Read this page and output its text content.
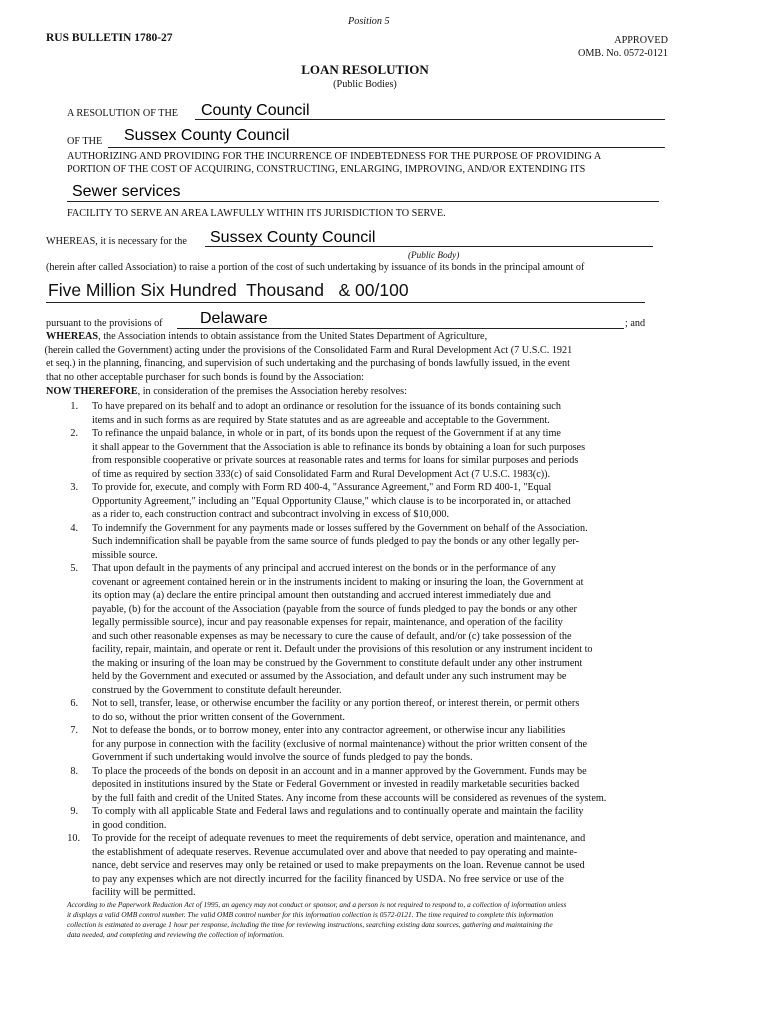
Position 5
RUS BULLETIN 1780-27	APPROVED
OMB. No. 0572-0121
LOAN RESOLUTION
(Public Bodies)
A RESOLUTION OF THE County Council
OF THE Sussex County Council
AUTHORIZING AND PROVIDING FOR THE INCURRENCE OF INDEBTEDNESS FOR THE PURPOSE OF PROVIDING A
PORTION OF THE COST OF ACQUIRING, CONSTRUCTING, ENLARGING, IMPROVING, AND/OR EXTENDING ITS
Sewer services
FACILITY TO SERVE AN AREA LAWFULLY WITHIN ITS JURISDICTION TO SERVE.
WHEREAS, it is necessary for the Sussex County Council
(Public Body)
(herein after called Association) to raise a portion of the cost of such undertaking by issuance of its bonds in the principal amount of
Five Million Six Hundred  Thousand   & 00/100
pursuant to the provisions of Delaware	; and
WHEREAS, the Association intends to obtain assistance from the United States Department of Agriculture,
(herein called the Government) acting under the provisions of the Consolidated Farm and Rural Development Act (7 U.S.C. 1921
et seq.) in the planning, financing, and supervision of such undertaking and the purchasing of bonds lawfully issued, in the event
that no other acceptable purchaser for such bonds is found by the Association:
NOW THEREFORE, in consideration of the premises the Association hereby resolves:
1. To have prepared on its behalf and to adopt an ordinance or resolution for the issuance of its bonds containing such
items and in such forms as are required by State statutes and as are agreeable and acceptable to the Government.
2. To refinance the unpaid balance, in whole or in part, of its bonds upon the request of the Government if at any time
it shall appear to the Government that the Association is able to refinance its bonds by obtaining a loan for such purposes
from responsible cooperative or private sources at reasonable rates and terms for loans for similar purposes and periods
of time as required by section 333(c) of said Consolidated Farm and Rural Development Act (7 U.S.C. 1983(c)).
3. To provide for, execute, and comply with Form RD 400-4, "Assurance Agreement," and Form RD 400-1, "Equal
Opportunity Agreement," including an "Equal Opportunity Clause," which clause is to be incorporated in, or attached
as a rider to, each construction contract and subcontract involving in excess of $10,000.
4. To indemnify the Government for any payments made or losses suffered by the Government on behalf of the Association.
Such indemnification shall be payable from the same source of funds pledged to pay the bonds or any other legally per-
missible source.
5. That upon default in the payments of any principal and accrued interest on the bonds or in the performance of any
covenant or agreement contained herein or in the instruments incident to making or insuring the loan, the Government at
its option may (a) declare the entire principal amount then outstanding and accrued interest immediately due and
payable, (b) for the account of the Association (payable from the source of funds pledged to pay the bonds or any other
legally permissible source), incur and pay reasonable expenses for repair, maintenance, and operation of the facility
and such other reasonable expenses as may be necessary to cure the cause of default, and/or (c) take possession of the
facility, repair, maintain, and operate or rent it. Default under the provisions of this resolution or any instrument incident to
the making or insuring of the loan may be construed by the Government to constitute default under any other instrument
held by the Government and executed or assumed by the Association, and default under any such instrument may be
construed by the Government to constitute default hereunder.
6. Not to sell, transfer, lease, or otherwise encumber the facility or any portion thereof, or interest therein, or permit others
to do so, without the prior written consent of the Government.
7. Not to defease the bonds, or to borrow money, enter into any contractor agreement, or otherwise incur any liabilities
for any purpose in connection with the facility (exclusive of normal maintenance) without the prior written consent of the
Government if such undertaking would involve the source of funds pledged to pay the bonds.
8. To place the proceeds of the bonds on deposit in an account and in a manner approved by the Government. Funds may be
deposited in institutions insured by the State or Federal Government or invested in readily marketable securities backed
by the full faith and credit of the United States. Any income from these accounts will be considered as revenues of the system.
9. To comply with all applicable State and Federal laws and regulations and to continually operate and maintain the facility
in good condition.
10. To provide for the receipt of adequate revenues to meet the requirements of debt service, operation and maintenance, and
the establishment of adequate reserves. Revenue accumulated over and above that needed to pay operating and mainte-
nance, debt service and reserves may only be retained or used to make prepayments on the loan. Revenue cannot be used
to pay any expenses which are not directly incurred for the facility financed by USDA. No free service or use of the
facility will be permitted.
According to the Paperwork Reduction Act of 1995, an agency may not conduct or sponsor, and a person is not required to respond to, a collection of information unless
it displays a valid OMB control number. The valid OMB control number for this information collection is 0572-0121. The time required to complete this information
collection is estimated to average 1 hour per response, including the time for reviewing instructions, searching existing data sources, gathering and maintaining the
data needed, and completing and reviewing the collection of information.
